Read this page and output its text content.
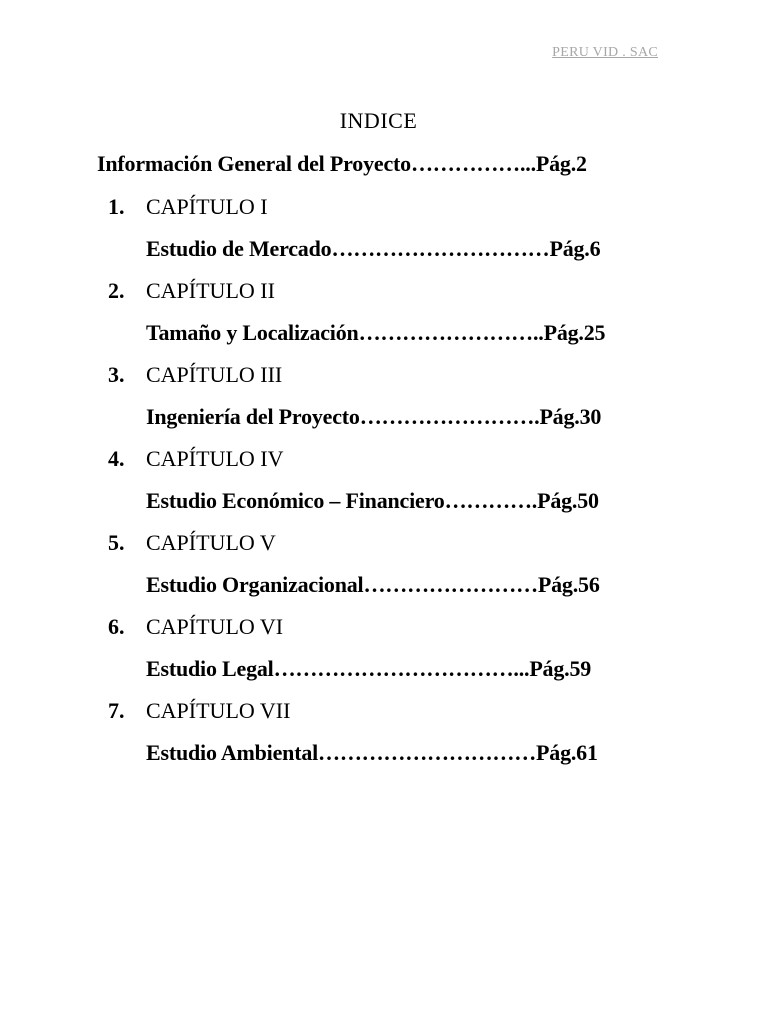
PERU VID . SAC
INDICE
Información General del Proyecto……………...Pág.2
1. CAPÍTULO I
Estudio de Mercado…………………………Pág.6
2. CAPÍTULO II
Tamaño y Localización……………………..Pág.25
3. CAPÍTULO III
Ingeniería del Proyecto…………………….Pág.30
4. CAPÍTULO IV
Estudio Económico – Financiero………….Pág.50
5. CAPÍTULO V
Estudio Organizacional……………………Pág.56
6. CAPÍTULO VI
Estudio Legal……………………………...Pág.59
7. CAPÍTULO VII
Estudio Ambiental…………………………Pág.61
